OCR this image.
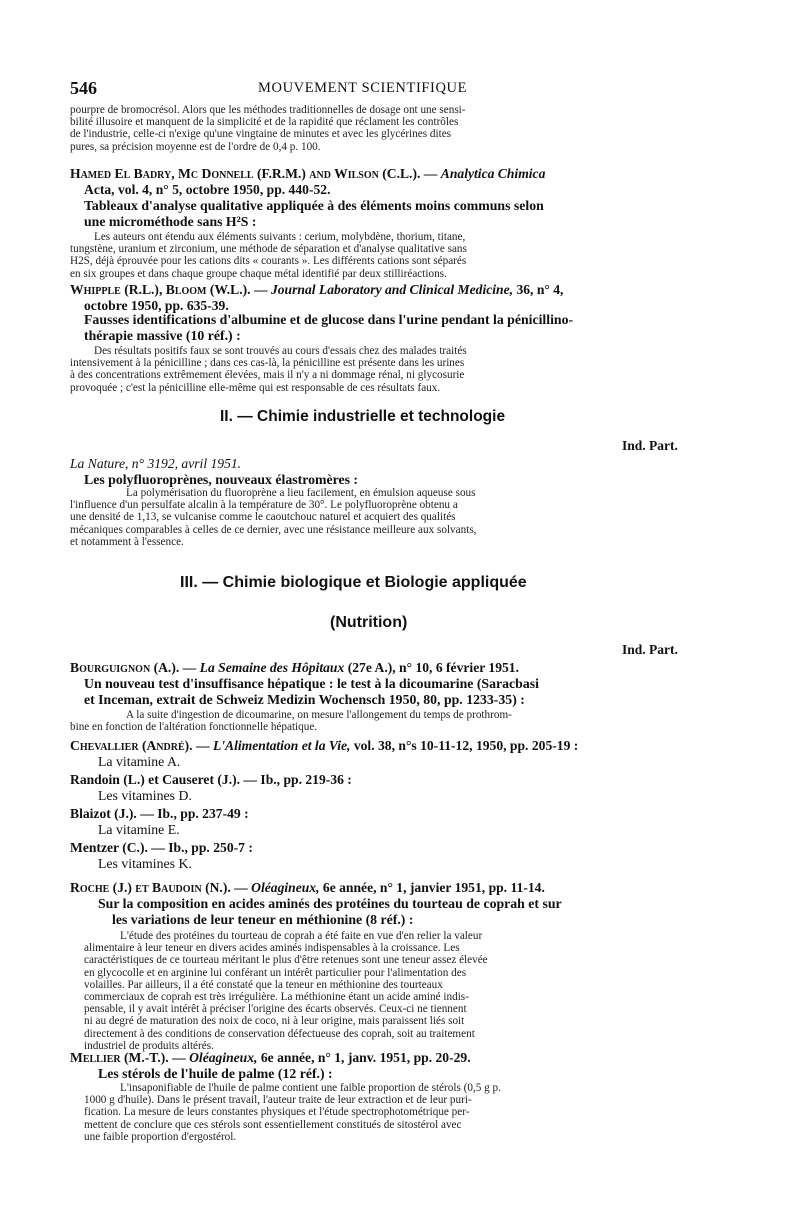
546	MOUVEMENT SCIENTIFIQUE
pourpre de bromocrésol. Alors que les méthodes traditionnelles de dosage ont une sensi-
bilité illusoire et manquent de la simplicité et de la rapidité que réclament les contrôles
de l'industrie, celle-ci n'exige qu'une vingtaine de minutes et avec les glycérines dites
pures, sa précision moyenne est de l'ordre de 0,4 p. 100.
Hamed El Badry, Mc Donnell (F.R.M.) and Wilson (C.L.). — Analytica Chimica
Acta, vol. 4, n° 5, octobre 1950, pp. 440-52.
Tableaux d'analyse qualitative appliquée à des éléments moins communs selon
une microméthode sans H²S :
Les auteurs ont étendu aux éléments suivants : cerium, molybdène, thorium, titane,
tungstène, uranium et zirconium, une méthode de séparation et d'analyse qualitative sans
H2S, déjà éprouvée pour les cations dits « courants ». Les différents cations sont séparés
en six groupes et dans chaque groupe chaque métal identifié par deux stilliréactions.
Whipple (R.L.), Bloom (W.L.). — Journal Laboratory and Clinical Medicine, 36, n° 4,
octobre 1950, pp. 635-39.
Fausses identifications d'albumine et de glucose dans l'urine pendant la pénicillino-
thérapie massive (10 réf.) :
Des résultats positifs faux se sont trouvés au cours d'essais chez des malades traités
intensivement à la pénicilline ; dans ces cas-là, la pénicilline est présente dans les urines
à des concentrations extrêmement élevées, mais il n'y a ni dommage rénal, ni glycosurie
provoquée ; c'est la pénicilline elle-même qui est responsable de ces résultats faux.
II. — Chimie industrielle et technologie
Ind. Part.
La Nature, n° 3192, avril 1951.
Les polyfluoroprènes, nouveaux élastromères :
La polymérisation du fluoroprène a lieu facilement, en émulsion aqueuse sous
l'influence d'un persulfate alcalin à la température de 30°. Le polyfluoroprène obtenu a
une densité de 1,13, se vulcanise comme le caoutchouc naturel et acquiert des qualités
mécaniques comparables à celles de ce dernier, avec une résistance meilleure aux solvants,
et notamment à l'essence.
III. — Chimie biologique et Biologie appliquée
(Nutrition)
Ind. Part.
Bourguignon (A.). — La Semaine des Hôpitaux (27e A.), n° 10, 6 février 1951.
Un nouveau test d'insuffisance hépatique : le test à la dicoumarine (Saracbasi
et Inceman, extrait de Schweiz Medizin Wochensch 1950, 80, pp. 1233-35) :
A la suite d'ingestion de dicoumarine, on mesure l'allongement du temps de prothrom-
bine en fonction de l'altération fonctionnelle hépatique.
Chevallier (André). — L'Alimentation et la Vie, vol. 38, n°s 10-11-12, 1950, pp. 205-19 :
La vitamine A.
Randoin (L.) et Causeret (J.). — Ib., pp. 219-36 :
Les vitamines D.
Blaizot (J.). — Ib., pp. 237-49 :
La vitamine E.
Mentzer (C.). — Ib., pp. 250-7 :
Les vitamines K.
Roche (J.) et Baudoin (N.). — Oléagineux, 6e année, n° 1, janvier 1951, pp. 11-14.
Sur la composition en acides aminés des protéines du tourteau de coprah et sur
les variations de leur teneur en méthionine (8 réf.) :
L'étude des protéines du tourteau de coprah a été faite en vue d'en relier la valeur
alimentaire à leur teneur en divers acides aminés indispensables à la croissance. Les
caractéristiques de ce tourteau méritant le plus d'être retenues sont une teneur assez élevée
en glycocolle et en arginine lui conférant un intérêt particulier pour l'alimentation des
volailles. Par ailleurs, il a été constaté que la teneur en méthionine des tourteaux
commerciaux de coprah est très irrégulière. La méthionine étant un acide aminé indis-
pensable, il y avait intérêt à préciser l'origine des écarts observés. Ceux-ci ne tiennent
ni au degré de maturation des noix de coco, ni à leur origine, mais paraissent liés soit
directement à des conditions de conservation défectueuse des coprah, soit au traitement
industriel de produits altérés.
Mellier (M.-T.). — Oléagineux, 6e année, n° 1, janv. 1951, pp. 20-29.
Les stérols de l'huile de palme (12 réf.) :
L'insaponifiable de l'huile de palme contient une faible proportion de stérols (0,5 g p.
1000 g d'huile). Dans le présent travail, l'auteur traite de leur extraction et de leur puri-
fication. La mesure de leurs constantes physiques et l'étude spectrophotométrique per-
mettent de conclure que ces stérols sont essentiellement constitués de sitostérol avec
une faible proportion d'ergostérol.
